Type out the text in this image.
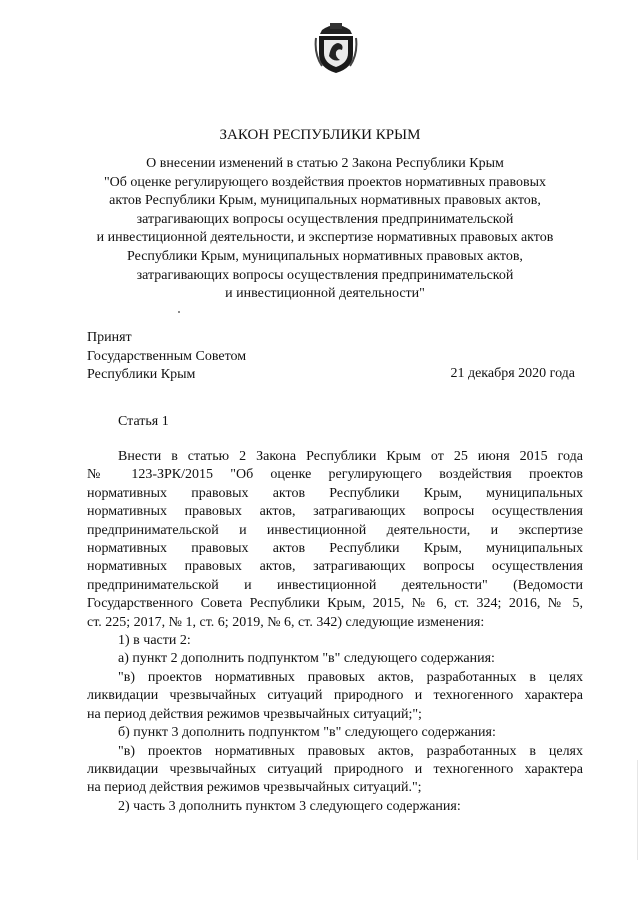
ЗАКОН РЕСПУБЛИКИ КРЫМ
О внесении изменений в статью 2 Закона Республики Крым
"Об оценке регулирующего воздействия проектов нормативных правовых
актов Республики Крым, муниципальных нормативных правовых актов,
затрагивающих вопросы осуществления предпринимательской
и инвестиционной деятельности, и экспертизе нормативных правовых актов
Республики Крым, муниципальных нормативных правовых актов,
затрагивающих вопросы осуществления предпринимательской
и инвестиционной деятельности"
Принят
Государственным Советом
Республики Крым	21 декабря 2020 года
Статья 1
Внести в статью 2 Закона Республики Крым от 25 июня 2015 года
№ 123-ЗРК/2015 "Об оценке регулирующего воздействия проектов
нормативных правовых актов Республики Крым, муниципальных
нормативных правовых актов, затрагивающих вопросы осуществления
предпринимательской и инвестиционной деятельности, и экспертизе
нормативных правовых актов Республики Крым, муниципальных
нормативных правовых актов, затрагивающих вопросы осуществления
предпринимательской и инвестиционной деятельности" (Ведомости
Государственного Совета Республики Крым, 2015, № 6, ст. 324; 2016, № 5,
ст. 225; 2017, № 1, ст. 6; 2019, № 6, ст. 342) следующие изменения:
1) в части 2:
а) пункт 2 дополнить подпунктом "в" следующего содержания:
"в) проектов нормативных правовых актов, разработанных в целях
ликвидации чрезвычайных ситуаций природного и техногенного характера
на период действия режимов чрезвычайных ситуаций;";
б) пункт 3 дополнить подпунктом "в" следующего содержания:
"в) проектов нормативных правовых актов, разработанных в целях
ликвидации чрезвычайных ситуаций природного и техногенного характера
на период действия режимов чрезвычайных ситуаций.";
2) часть 3 дополнить пунктом 3 следующего содержания:
